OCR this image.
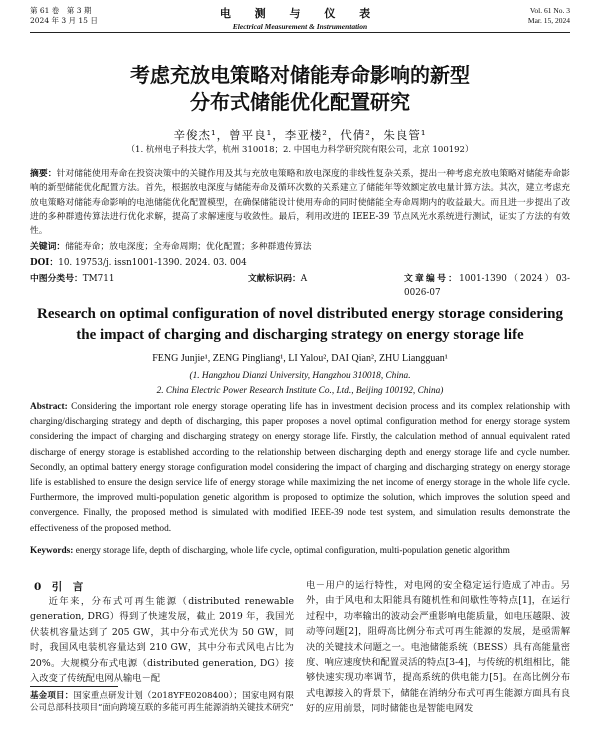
第 61 卷　第 3 期
2024 年 3 月 15 日
电 测 与 仪 表
Electrical Measurement & Instrumentation
Vol. 61 No. 3
Mar. 15, 2024
考虑充放电策略对储能寿命影响的新型
分布式储能优化配置研究
辛俊杰¹，曾平良¹，李亚楼²，代倩²，朱良管¹
（1. 杭州电子科技大学，杭州 310018；2. 中国电力科学研究院有限公司，北京 100192）
摘要：针对储能使用寿命在投资决策中的关键作用及其与充放电策略和放电深度的非线性复杂关系，提出一种考虑充放电策略对储能寿命影响的新型储能优化配置方法。首先，根据放电深度与储能寿命及循环次数的关系建立了储能年等效额定放电量计算方法。其次，建立考虑充放电策略对储能寿命影响的电池储能优化配置模型，在确保储能设计使用寿命的同时使储能全寿命周期内的收益最大。而且进一步提出了改进的多种群遗传算法进行优化求解，提高了求解速度与收敛性。最后，利用改进的 IEEE-39 节点风光水系统进行测试，证实了方法的有效性。
关键词：储能寿命；放电深度；全寿命周期；优化配置；多种群遗传算法
DOI：10. 19753/j. issn1001-1390. 2024. 03. 004
中图分类号：TM711	文献标识码：A	文章编号：1001-1390（2024）03-0026-07
Research on optimal configuration of novel distributed energy storage considering
the impact of charging and discharging strategy on energy storage life
FENG Junjie¹, ZENG Pingliang¹, LI Yalou², DAI Qian², ZHU Liangguan¹
(1. Hangzhou Dianzi University, Hangzhou 310018, China.
2. China Electric Power Research Institute Co., Ltd., Beijing 100192, China)
Abstract: Considering the important role energy storage operating life has in investment decision process and its complex relationship with charging/discharging strategy and depth of discharging, this paper proposes a novel optimal configuration method for energy storage system considering the impact of charging and discharging strategy on energy storage life. Firstly, the calculation method of annual equivalent rated discharge of energy storage is established according to the relationship between discharging depth and energy storage life and cycle number. Secondly, an optimal battery energy storage configuration model considering the impact of charging and discharging strategy on energy storage life is established to ensure the design service life of energy storage while maximizing the net income of energy storage in the whole life cycle. Furthermore, the improved multi-population genetic algorithm is proposed to optimize the solution, which improves the solution speed and convergence. Finally, the proposed method is simulated with modified IEEE-39 node test system, and simulation results demonstrate the effectiveness of the proposed method.
Keywords: energy storage life, depth of discharging, whole life cycle, optimal configuration, multi-population genetic algorithm
0　引　言
近年来，分布式可再生能源（distributed renewable generation, DRG）得到了快速发展，截止 2019 年，我国光伏装机容量达到了 205 GW，其中分布式光伏为 50 GW，同时，我国风电装机容量达到 210 GW，其中分布式风电占比为 20%。大规模分布式电源（distributed generation, DG）接入改变了传统配电网从输电－配
电－用户的运行特性，对电网的安全稳定运行造成了冲击。另外，由于风电和太阳能具有随机性和间歇性等特点[1]，在运行过程中，功率输出的波动会严重影响电能质量，如电压越限、波动等问题[2]，阻碍高比例分布式可再生能源的发展，是亟需解决的关键技术问题之一。电池储能系统（BESS）具有高能量密度、响应速度快和配置灵活的特点[3-4]，与传统的机组相比，能够快速实现功率调节，提高系统的供电能力[5]。在高比例分布式电源接入的背景下，储能在消纳分布式可再生能源方面具有良好的应用前景，同时储能也是智能电网发
基金项目：国家重点研发计划（2018YFE0208400）；国家电网有限公司总部科技项目“面向跨境互联的多能可再生能源消纳关键技术研究”
